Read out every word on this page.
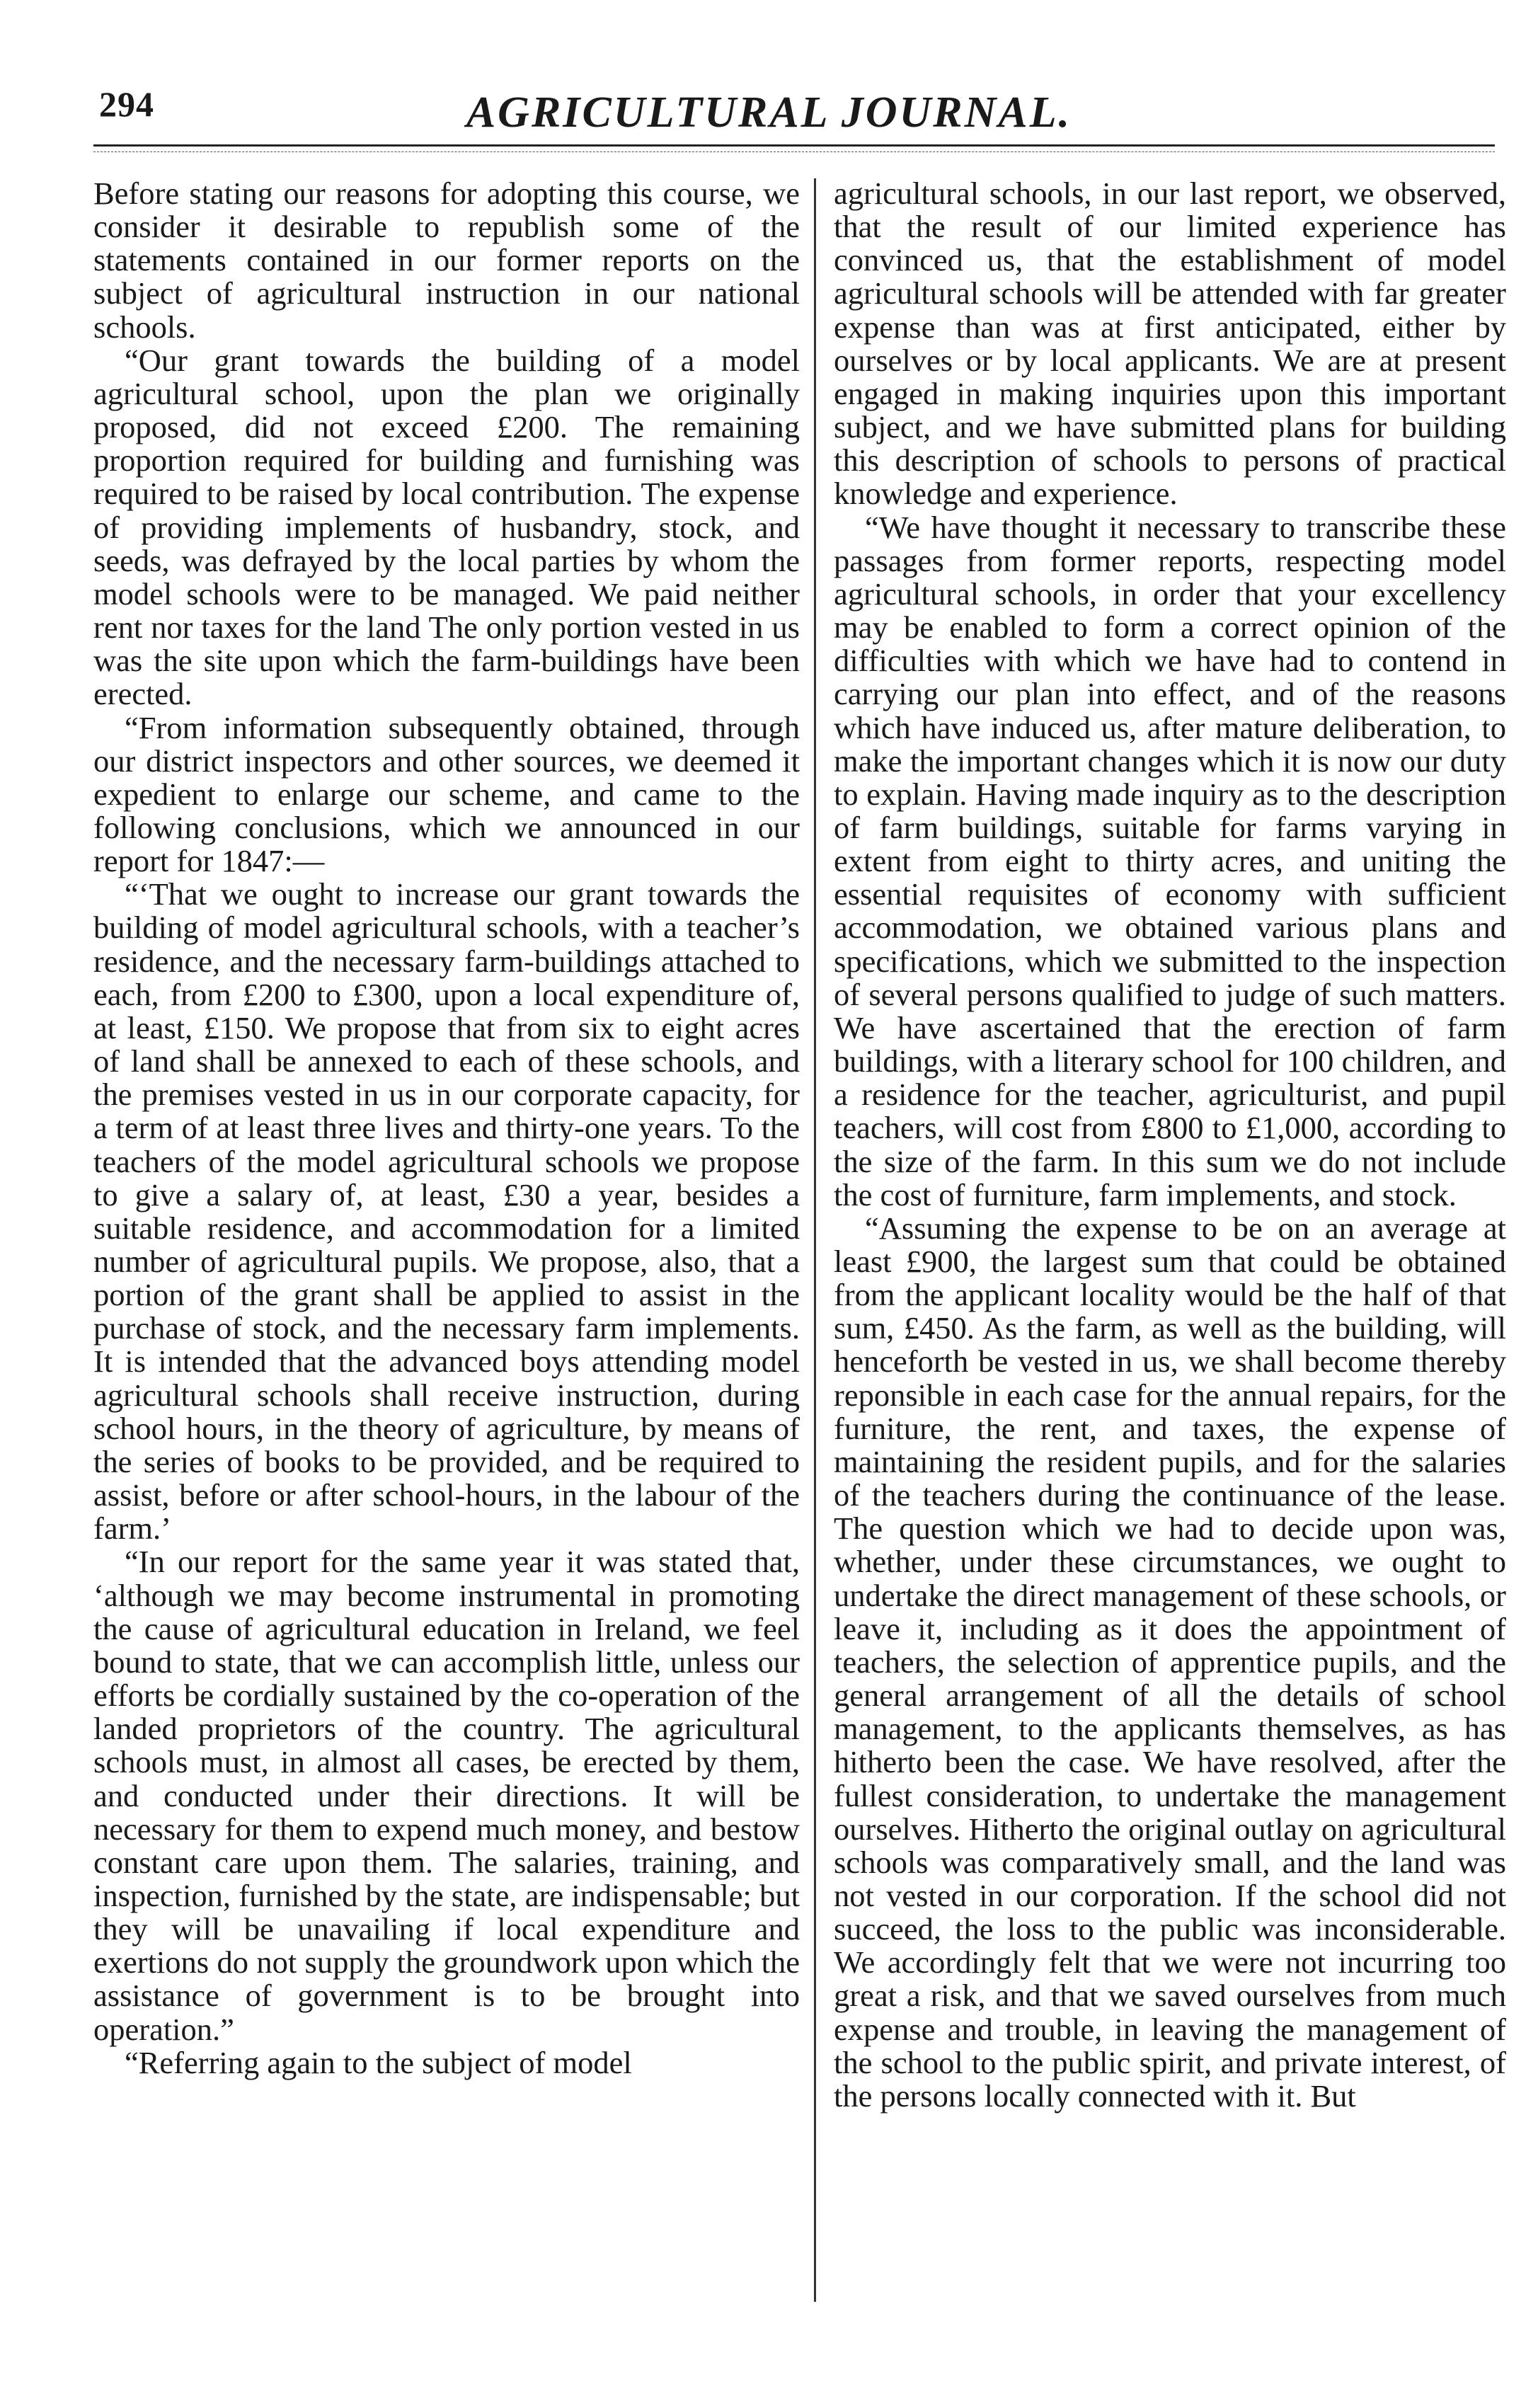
294	AGRICULTURAL JOURNAL.

Before stating our reasons for adopting this course, we consider it desirable to republish some of the statements contained in our former reports on the subject of agricultural instruction in our national schools.

“Our grant towards the building of a model agricultural school, upon the plan we originally proposed, did not exceed £200. The remaining proportion required for building and furnishing was required to be raised by local contribution. The expense of providing implements of husbandry, stock, and seeds, was defrayed by the local parties by whom the model schools were to be managed. We paid neither rent nor taxes for the land The only portion vested in us was the site upon which the farm-buildings have been erected.

“From information subsequently obtained, through our district inspectors and other sources, we deemed it expedient to enlarge our scheme, and came to the following conclusions, which we announced in our report for 1847:—

“‘That we ought to increase our grant towards the building of model agricultural schools, with a teacher’s residence, and the necessary farm-buildings attached to each, from £200 to £300, upon a local expenditure of, at least, £150. We propose that from six to eight acres of land shall be annexed to each of these schools, and the premises vested in us in our corporate capacity, for a term of at least three lives and thirty-one years. To the teachers of the model agricultural schools we propose to give a salary of, at least, £30 a year, besides a suitable residence, and accommodation for a limited number of agricultural pupils. We propose, also, that a portion of the grant shall be applied to assist in the purchase of stock, and the necessary farm implements. It is intended that the advanced boys attending model agricultural schools shall receive instruction, during school hours, in the theory of agriculture, by means of the series of books to be provided, and be required to assist, before or after school-hours, in the labour of the farm.’

“In our report for the same year it was stated that, ‘although we may become instrumental in promoting the cause of agricultural education in Ireland, we feel bound to state, that we can accomplish little, unless our efforts be cordially sustained by the co-operation of the landed proprietors of the country. The agricultural schools must, in almost all cases, be erected by them, and conducted under their directions. It will be necessary for them to expend much money, and bestow constant care upon them. The salaries, training, and inspection, furnished by the state, are indispensable; but they will be unavailing if local expenditure and exertions do not supply the groundwork upon which the assistance of government is to be brought into operation.”

“Referring again to the subject of model

agricultural schools, in our last report, we observed, that the result of our limited experience has convinced us, that the establishment of model agricultural schools will be attended with far greater expense than was at first anticipated, either by ourselves or by local applicants. We are at present engaged in making inquiries upon this important subject, and we have submitted plans for building this description of schools to persons of practical knowledge and experience.

“We have thought it necessary to transcribe these passages from former reports, respecting model agricultural schools, in order that your excellency may be enabled to form a correct opinion of the difficulties with which we have had to contend in carrying our plan into effect, and of the reasons which have induced us, after mature deliberation, to make the important changes which it is now our duty to explain. Having made inquiry as to the description of farm buildings, suitable for farms varying in extent from eight to thirty acres, and uniting the essential requisites of economy with sufficient accommodation, we obtained various plans and specifications, which we submitted to the inspection of several persons qualified to judge of such matters. We have ascertained that the erection of farm buildings, with a literary school for 100 children, and a residence for the teacher, agriculturist, and pupil teachers, will cost from £800 to £1,000, according to the size of the farm. In this sum we do not include the cost of furniture, farm implements, and stock.

“Assuming the expense to be on an average at least £900, the largest sum that could be obtained from the applicant locality would be the half of that sum, £450. As the farm, as well as the building, will henceforth be vested in us, we shall become thereby reponsible in each case for the annual repairs, for the furniture, the rent, and taxes, the expense of maintaining the resident pupils, and for the salaries of the teachers during the continuance of the lease. The question which we had to decide upon was, whether, under these circumstances, we ought to undertake the direct management of these schools, or leave it, including as it does the appointment of teachers, the selection of apprentice pupils, and the general arrangement of all the details of school management, to the applicants themselves, as has hitherto been the case. We have resolved, after the fullest consideration, to undertake the management ourselves. Hitherto the original outlay on agricultural schools was comparatively small, and the land was not vested in our corporation. If the school did not succeed, the loss to the public was inconsiderable. We accordingly felt that we were not incurring too great a risk, and that we saved ourselves from much expense and trouble, in leaving the management of the school to the public spirit, and private interest, of the persons locally connected with it. But
